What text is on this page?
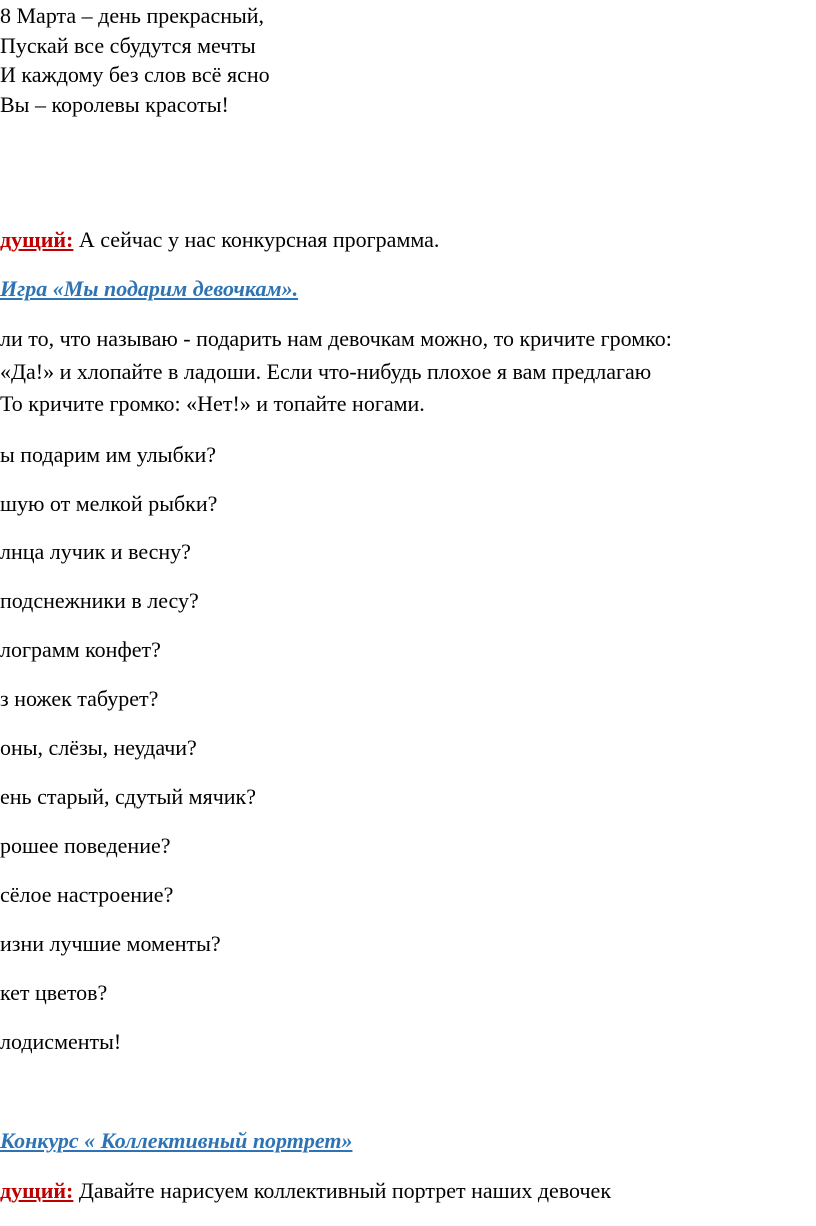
8 Марта – день прекрасный,
Пускай все сбудутся мечты
И каждому без слов всё ясно
Вы – королевы красоты!
дущий: А сейчас у нас конкурсная программа.
Игра «Мы подарим девочкам».
ли то, что называю - подарить нам девочкам можно, то кричите громко:
«Да!» и хлопайте в ладоши. Если что-нибудь плохое я вам предлагаю
То кричите громко: «Нет!» и топайте ногами.
ы подарим им улыбки?
шую от мелкой рыбки?
лнца лучик и весну?
подснежники в лесу?
лограмм конфет?
з ножек табурет?
оны, слёзы, неудачи?
ень старый, сдутый мячик?
рошее поведение?
сёлое настроение?
изни лучшие моменты?
кет цветов?
лодисменты!
Конкурс « Коллективный портрет»
дущий: Давайте нарисуем коллективный портрет наших девочек
